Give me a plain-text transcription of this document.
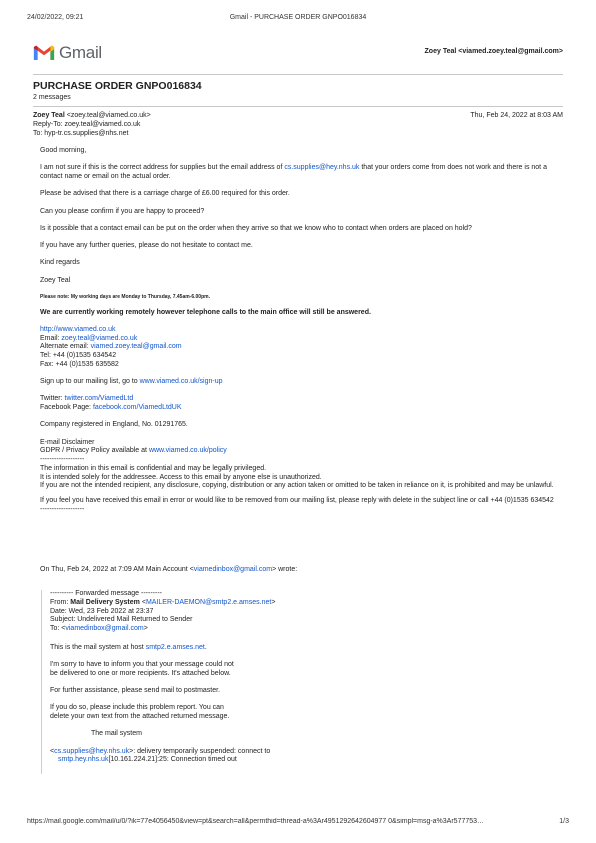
24/02/2022, 09:21	Gmail - PURCHASE ORDER GNPO016834
Gmail	Zoey Teal <viamed.zoey.teal@gmail.com>
PURCHASE ORDER GNPO016834
2 messages
Zoey Teal <zoey.teal@viamed.co.uk>
Reply-To: zoey.teal@viamed.co.uk
To: hyp-tr.cs.supplies@nhs.net
Thu, Feb 24, 2022 at 8:03 AM

Good morning,

I am not sure if this is the correct address for supplies but the email address of cs.supplies@hey.nhs.uk that your orders come from does not work and there is not a contact name or email on the actual order.

Please be advised that there is a carriage charge of £6.00 required for this order.

Can you please confirm if you are happy to proceed?

Is it possible that a contact email can be put on the order when they arrive so that we know who to contact when orders are placed on hold?

If you have any further queries, please do not hesitate to contact me.

Kind regards

Zoey Teal

Please note: My working days are Monday to Thursday, 7.45am-6.00pm.

We are currently working remotely however telephone calls to the main office will still be answered.

http://www.viamed.co.uk
Email: zoey.teal@viamed.co.uk
Alternate email: viamed.zoey.teal@gmail.com
Tel: +44 (0)1535 634542
Fax: +44 (0)1535 635582

Sign up to our mailing list, go to www.viamed.co.uk/sign-up

Twitter: twitter.com/ViamedLtd
Facebook Page: facebook.com/ViamedLtdUK

Company registered in England, No. 01291765.

E-mail Disclaimer
GDPR / Privacy Policy available at www.viamed.co.uk/policy
-------------------
The information in this email is confidential and may be legally privileged.
It is intended solely for the addressee. Access to this email by anyone else is unauthorized.
If you are not the intended recipient, any disclosure, copying, distribution or any action taken or omitted to be taken in reliance on it, is prohibited and may be unlawful.

If you feel you have received this email in error or would like to be removed from our mailing list, please reply with delete in the subject line or call +44 (0)1535 634542
-------------------

On Thu, Feb 24, 2022 at 7:09 AM Main Account <viamedinbox@gmail.com> wrote:

---------- Forwarded message ---------
From: Mail Delivery System <MAILER-DAEMON@smtp2.e.amses.net>
Date: Wed, 23 Feb 2022 at 23:37
Subject: Undelivered Mail Returned to Sender
To: <viamedinbox@gmail.com>

This is the mail system at host smtp2.e.amses.net.

I'm sorry to have to inform you that your message could not
be delivered to one or more recipients. It's attached below.

For further assistance, please send mail to postmaster.

If you do so, please include this problem report. You can
delete your own text from the attached returned message.

The mail system

<cs.supplies@hey.nhs.uk>: delivery temporarily suspended: connect to
smtp.hey.nhs.uk[10.161.224.21]:25: Connection timed out

https://mail.google.com/mail/u/0/?ik=77e4056450&view=pt&search=all&permthid=thread-a%3Ar4951292642604977 0&simpl=msg-a%3Ar577753…	1/3
